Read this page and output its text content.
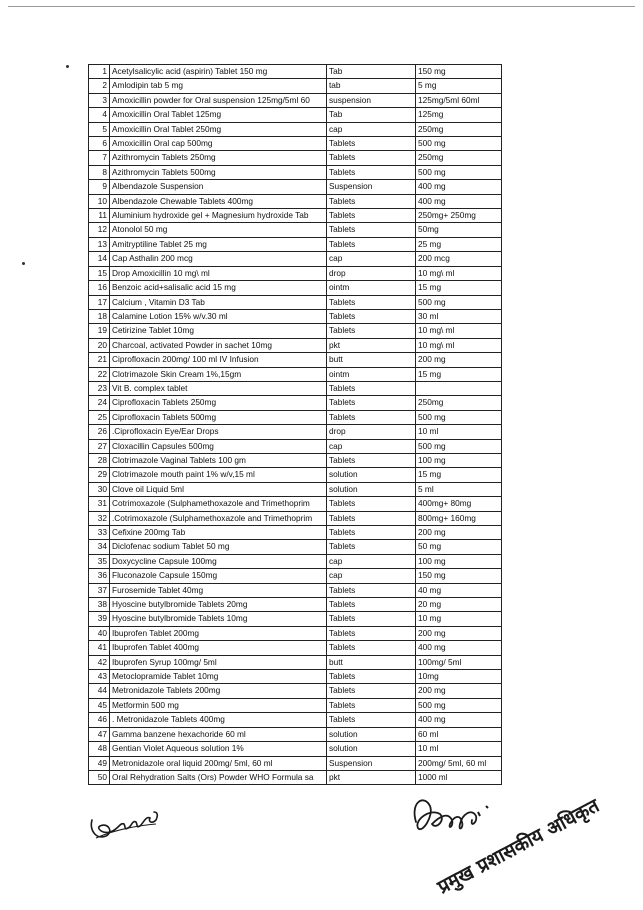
1	Acetylsalicylic acid (aspirin) Tablet 150 mg	Tab	150 mg
2	Amlodipin tab 5 mg	tab	5 mg
3	Amoxicillin powder for Oral suspension 125mg/5ml 60	suspension	125mg/5ml 60ml
4	Amoxicillin Oral Tablet 125mg	Tab	125mg
5	Amoxicillin Oral Tablet 250mg	cap	250mg
6	Amoxicillin Oral cap 500mg	Tablets	500 mg
7	Azithromycin Tablets 250mg	Tablets	250mg
8	Azithromycin Tablets 500mg	Tablets	500 mg
9	Albendazole Suspension	Suspension	400 mg
10	Albendazole Chewable Tablets 400mg	Tablets	400 mg
11	Aluminium hydroxide gel + Magnesium hydroxide Tab	Tablets	250mg+ 250mg
12	Atonolol 50 mg	Tablets	50mg
13	Amitryptiline Tablet 25 mg	Tablets	25 mg
14	Cap Asthalin 200 mcg	cap	200 mcg
15	Drop Amoxicillin 10 mg\ ml	drop	10 mg\ ml
16	Benzoic acid+salisalic acid 15 mg	ointm	15 mg
17	Calcium , Vitamin D3 Tab	Tablets	500 mg
18	Calamine Lotion 15% w/v.30 ml	Tablets	30 ml
19	Cetirizine Tablet 10mg	Tablets	10 mg\ ml
20	Charcoal, activated Powder in sachet 10mg	pkt	10 mg\ ml
21	Ciprofloxacin 200mg/ 100 ml IV Infusion	butt	200 mg
22	Clotrimazole Skin Cream 1%,15gm	ointm	15 mg
23	Vit B. complex tablet	Tablets	
24	Ciprofloxacin Tablets 250mg	Tablets	250mg
25	Ciprofloxacin Tablets 500mg	Tablets	500 mg
26	.Ciprofloxacin Eye/Ear Drops	drop	10 ml
27	Cloxacillin Capsules 500mg	cap	500 mg
28	Clotrimazole Vaginal Tablets 100 gm	Tablets	100 mg
29	Clotrimazole mouth paint 1% w/v,15 ml	solution	15 mg
30	Clove oil Liquid 5ml	solution	5 ml
31	Cotrimoxazole (Sulphamethoxazole and Trimethoprim	Tablets	400mg+ 80mg
32	.Cotrimoxazole (Sulphamethoxazole and Trimethoprim	Tablets	800mg+ 160mg
33	Cefixine 200mg Tab	Tablets	200 mg
34	Diclofenac sodium Tablet 50 mg	Tablets	50 mg
35	Doxycycline Capsule 100mg	cap	100 mg
36	Fluconazole Capsule 150mg	cap	150 mg
37	Furosemide Tablet 40mg	Tablets	40 mg
38	Hyoscine butylbromide Tablets 20mg	Tablets	20 mg
39	Hyoscine butylbromide Tablets 10mg	Tablets	10 mg
40	Ibuprofen Tablet 200mg	Tablets	200 mg
41	Ibuprofen Tablet 400mg	Tablets	400 mg
42	Ibuprofen Syrup 100mg/ 5ml	butt	100mg/ 5ml
43	Metoclopramide Tablet 10mg	Tablets	10mg
44	Metronidazole Tablets 200mg	Tablets	200 mg
45	Metformin 500 mg	Tablets	500 mg
46	. Metronidazole Tablets 400mg	Tablets	400 mg
47	Gamma banzene hexachoride 60 ml	solution	60 ml
48	Gentian Violet Aqueous solution 1%	solution	10 ml
49	Metronidazole oral liquid 200mg/ 5ml, 60 ml	Suspension	200mg/ 5ml, 60 ml
50	Oral Rehydration Salts (Ors) Powder WHO Formula sa	pkt	1000 ml
प्रमुख प्रशासकीय अधिकृत
